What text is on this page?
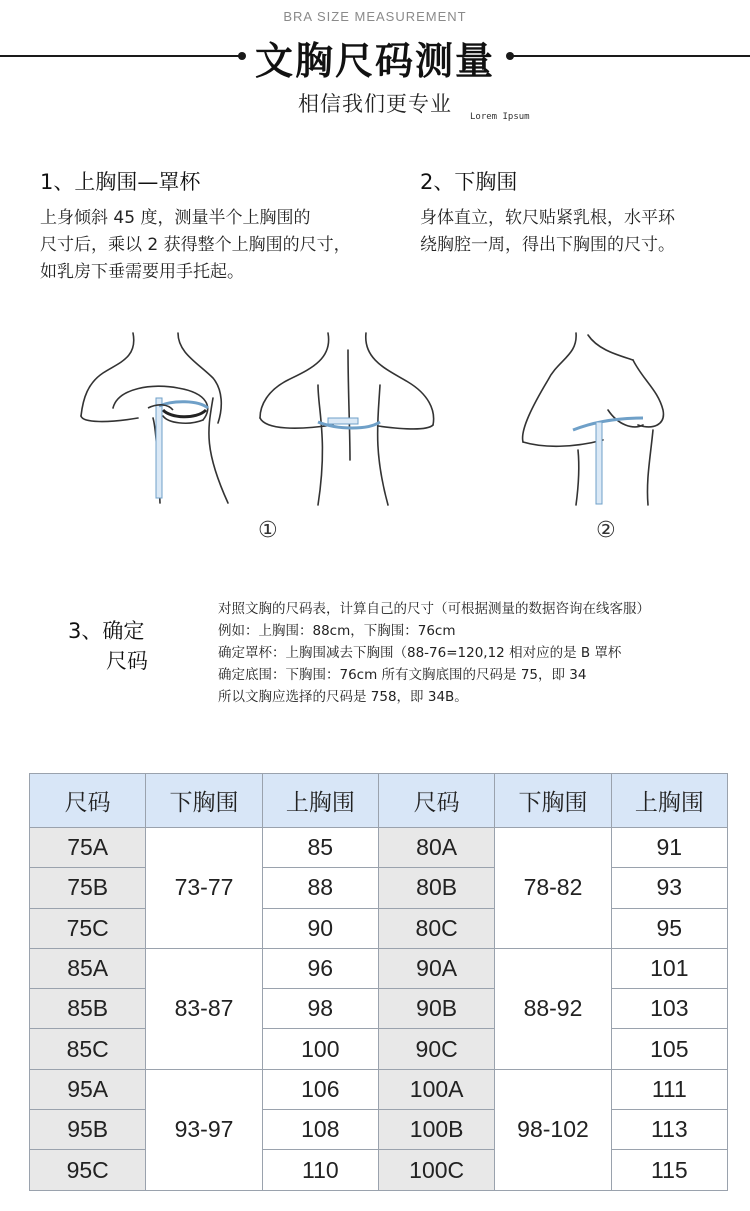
BRA SIZE MEASUREMENT
文胸尺码测量
相信我们更专业
Lorem Ipsum
1、上胸围—罩杯
上身倾斜 45 度，测量半个上胸围的
尺寸后，乘以 2 获得整个上胸围的尺寸，
如乳房下垂需要用手托起。
2、下胸围
身体直立，软尺贴紧乳根，水平环
绕胸腔一周，得出下胸围的尺寸。
①	②
3、确定
尺码
对照文胸的尺码表，计算自己的尺寸（可根据测量的数据咨询在线客服）
例如：上胸围：88cm，下胸围：76cm
确定罩杯：上胸围减去下胸围（88-76=120,12 相对应的是 B 罩杯
确定底围：下胸围：76cm 所有文胸底围的尺码是 75，即 34
所以文胸应选择的尺码是 758，即 34B。
尺码	下胸围	上胸围	尺码	下胸围	上胸围
75A	73-77	85	80A	78-82	91
75B		88	80B		93
75C		90	80C		95
85A	83-87	96	90A	88-92	101
85B		98	90B		103
85C		100	90C		105
95A	93-97	106	100A	98-102	111
95B		108	100B		113
95C		110	100C		115
